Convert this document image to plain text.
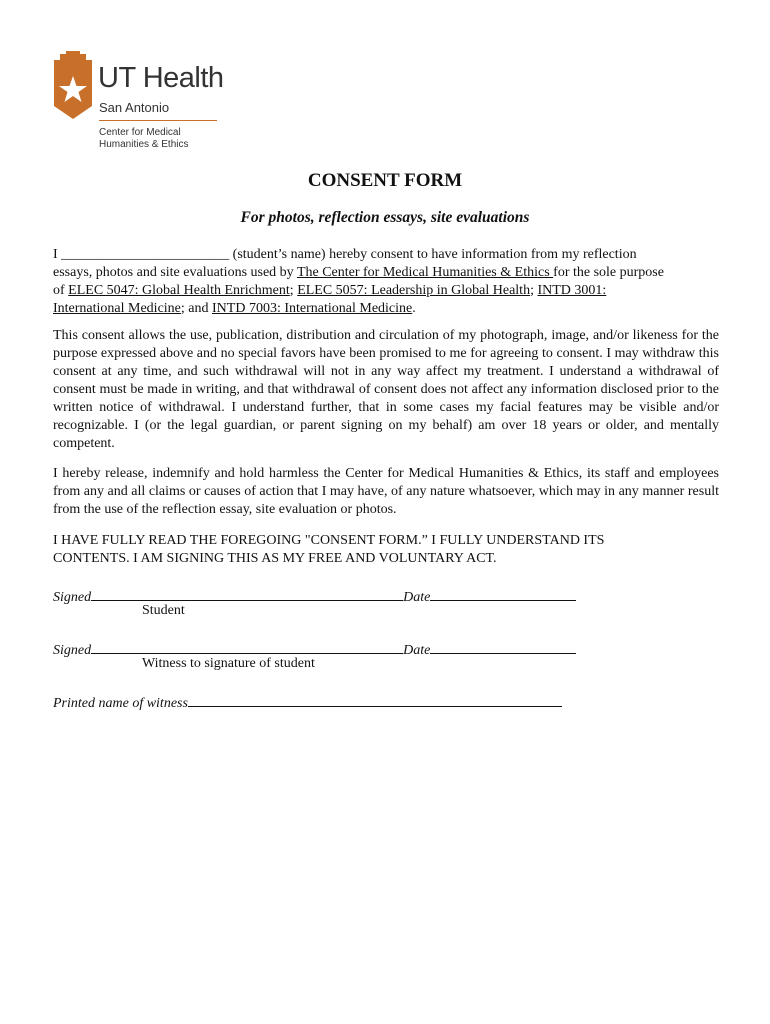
UT Health
San Antonio
Center for Medical
Humanities & Ethics
CONSENT FORM
For photos, reflection essays, site evaluations
I ________________________ (student’s name) hereby consent to have information from my reflection
essays, photos and site evaluations used by The Center for Medical Humanities & Ethics for the sole purpose
of ELEC 5047: Global Health Enrichment; ELEC 5057: Leadership in Global Health; INTD 3001:
International Medicine; and INTD 7003: International Medicine.

This consent allows the use, publication, distribution and circulation of my photograph, image, and/or likeness for the purpose expressed above and no special favors have been promised to me for agreeing to consent. I may withdraw this consent at any time, and such withdrawal will not in any way affect my treatment. I understand a withdrawal of consent must be made in writing, and that withdrawal of consent does not affect any information disclosed prior to the written notice of withdrawal. I understand further, that in some cases my facial features may be visible and/or recognizable. I (or the legal guardian, or parent signing on my behalf) am over 18 years or older, and mentally competent.

I hereby release, indemnify and hold harmless the Center for Medical Humanities & Ethics, its staff and employees from any and all claims or causes of action that I may have, of any nature whatsoever, which may in any manner result from the use of the reflection essay, site evaluation or photos.

I HAVE FULLY READ THE FOREGOING "CONSENT FORM.” I FULLY UNDERSTAND ITS
CONTENTS. I AM SIGNING THIS AS MY FREE AND VOLUNTARY ACT.
Signed	Date
Student
Signed	Date
Witness to signature of student
Printed name of witness
